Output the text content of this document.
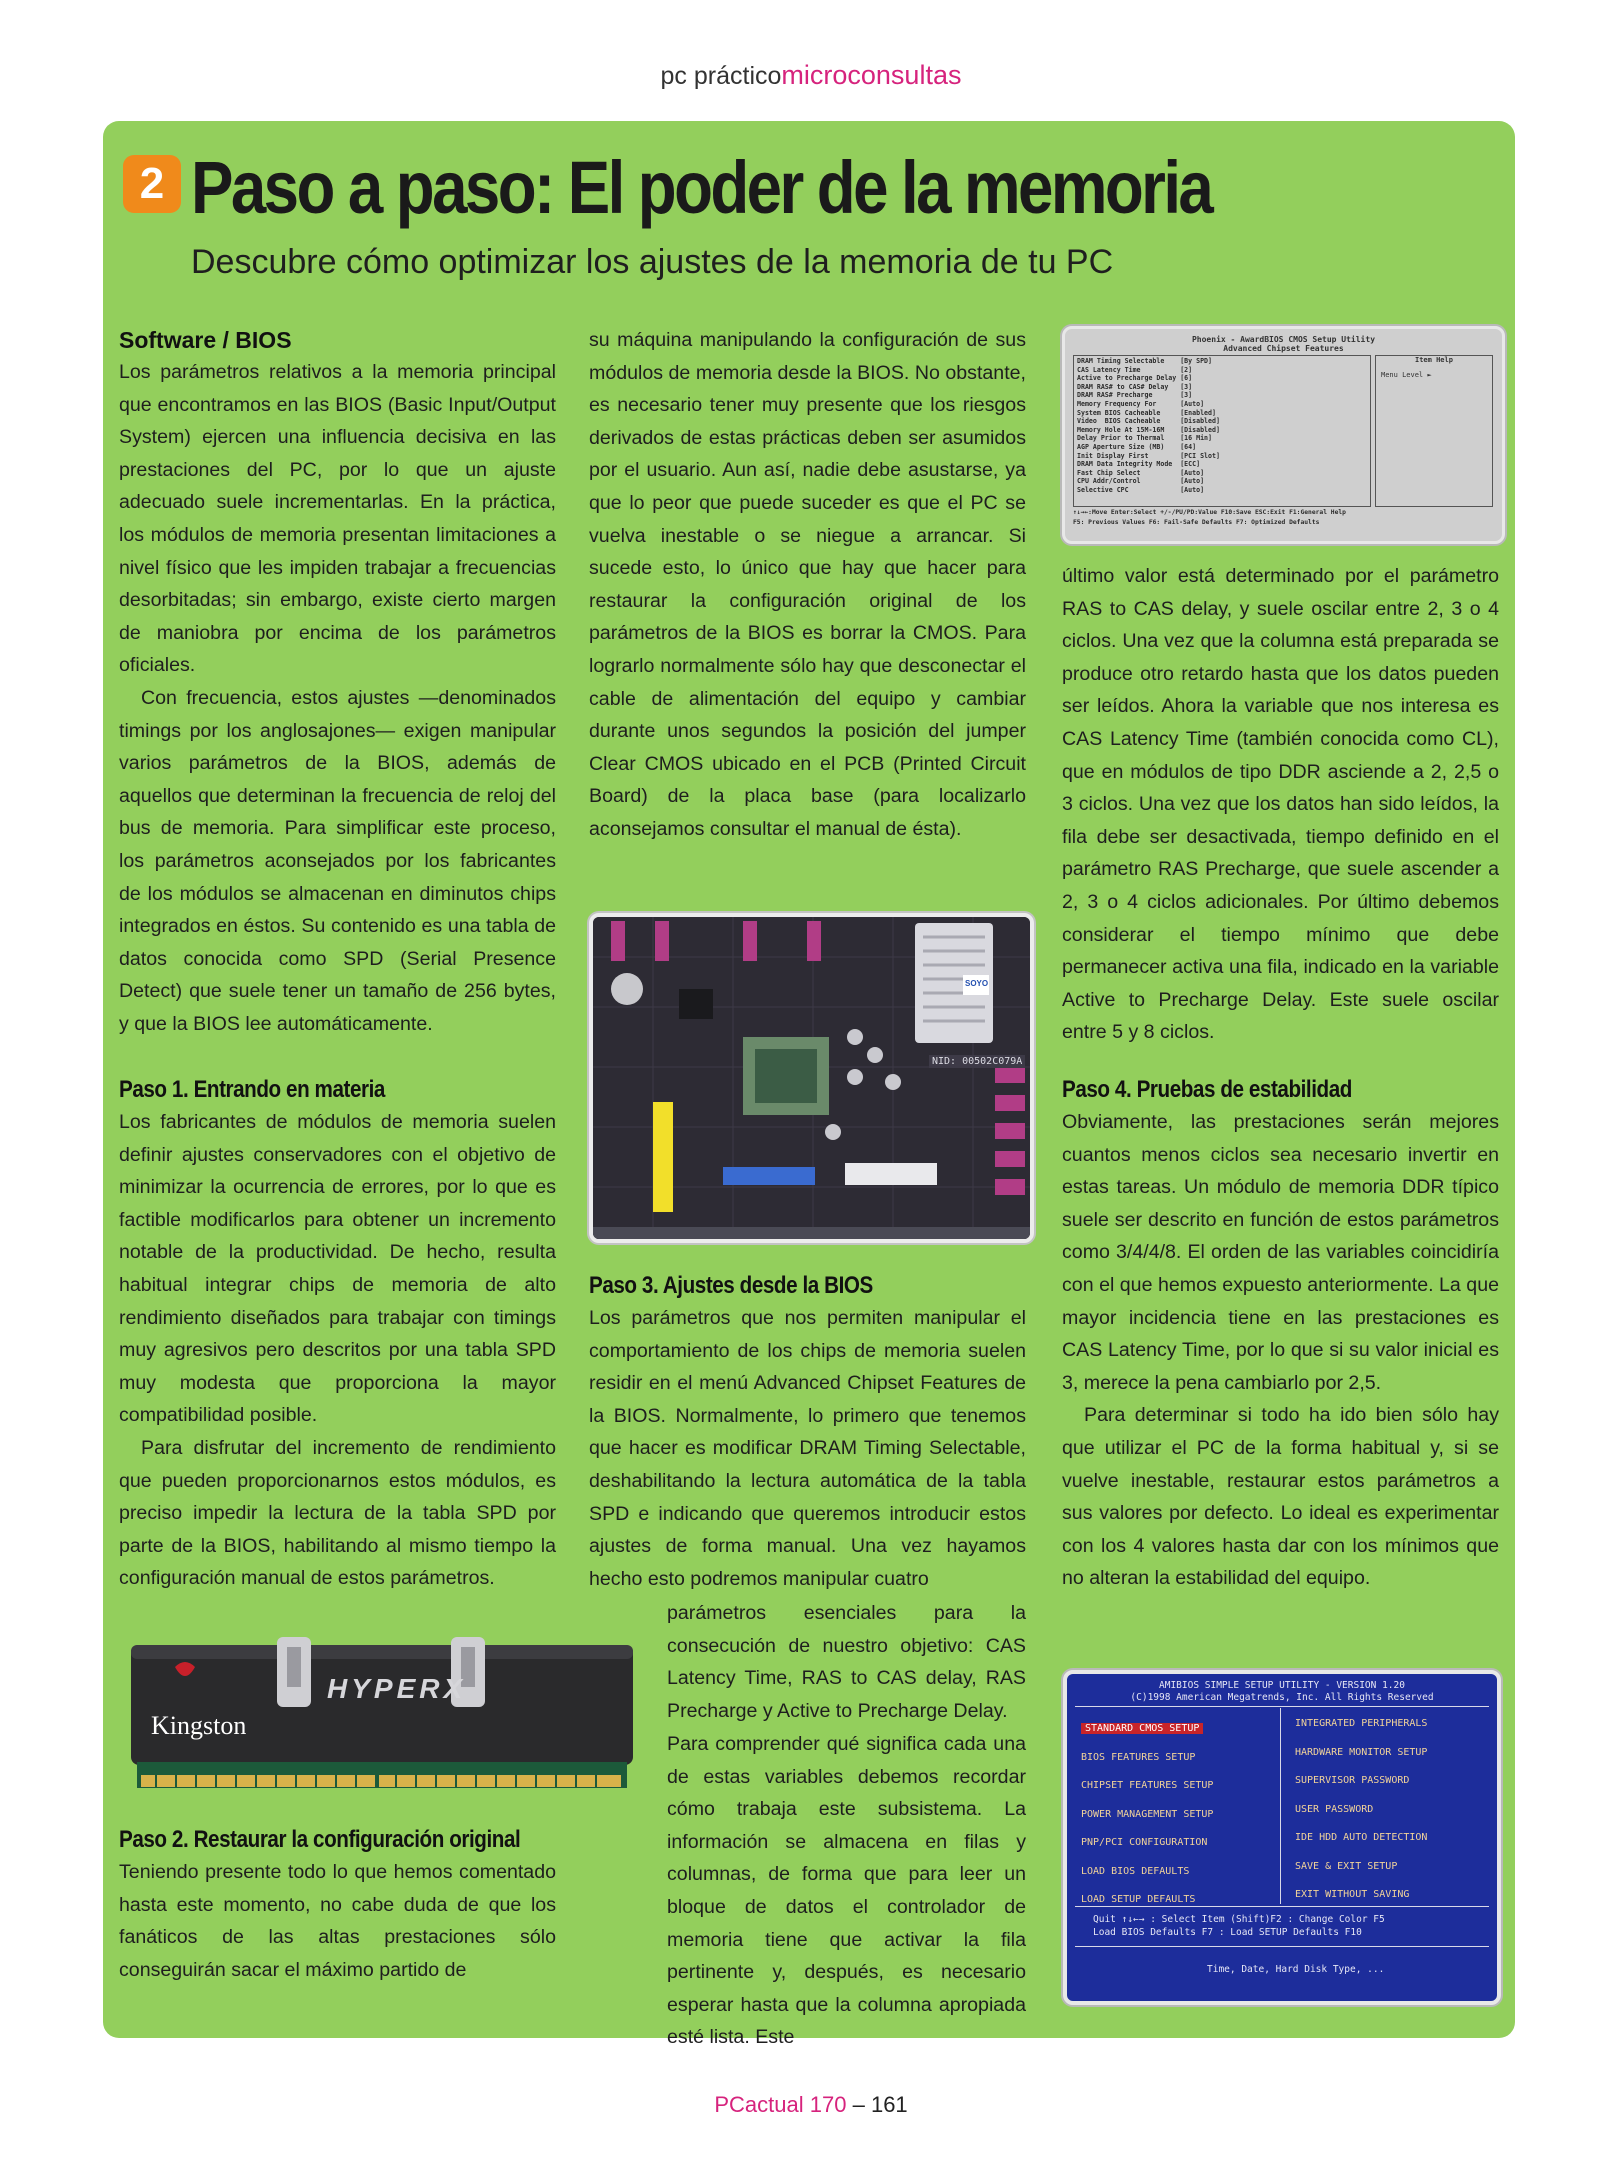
pc prácticomicroconsultas
2 Paso a paso: El poder de la memoria
Descubre cómo optimizar los ajustes de la memoria de tu PC
Software / BIOS

Los parámetros relativos a la memoria principal que encontramos en las BIOS (Basic Input/Output System) ejercen una influencia decisiva en las prestaciones del PC, por lo que un ajuste adecuado suele incrementarlas. En la práctica, los módulos de memoria presentan limitaciones a nivel físico que les impiden trabajar a frecuencias desorbitadas; sin embargo, existe cierto margen de maniobra por encima de los parámetros oficiales.

Con frecuencia, estos ajustes —denominados timings por los anglosajones— exigen manipular varios parámetros de la BIOS, además de aquellos que determinan la frecuencia de reloj del bus de memoria. Para simplificar este proceso, los parámetros aconsejados por los fabricantes de los módulos se almacenan en diminutos chips integrados en éstos. Su contenido es una tabla de datos conocida como SPD (Serial Presence Detect) que suele tener un tamaño de 256 bytes, y que la BIOS lee automáticamente.

Paso 1. Entrando en materia

Los fabricantes de módulos de memoria suelen definir ajustes conservadores con el objetivo de minimizar la ocurrencia de errores, por lo que es factible modificarlos para obtener un incremento notable de la productividad. De hecho, resulta habitual integrar chips de memoria de alto rendimiento diseñados para trabajar con timings muy agresivos pero descritos por una tabla SPD muy modesta que proporciona la mayor compatibilidad posible.

Para disfrutar del incremento de rendimiento que pueden proporcionarnos estos módulos, es preciso impedir la lectura de la tabla SPD por parte de la BIOS, habilitando al mismo tiempo la configuración manual de estos parámetros.

Kingston
HYPERX
Paso 2. Restaurar la configuración original

Teniendo presente todo lo que hemos comentado hasta este momento, no cabe duda de que los fanáticos de las altas prestaciones sólo conseguirán sacar el máximo partido de

su máquina manipulando la configuración de sus módulos de memoria desde la BIOS. No obstante, es necesario tener muy presente que los riesgos derivados de estas prácticas deben ser asumidos por el usuario. Aun así, nadie debe asustarse, ya que lo peor que puede suceder es que el PC se vuelva inestable o se niegue a arrancar. Si sucede esto, lo único que hay que hacer para restaurar la configuración original de los parámetros de la BIOS es borrar la CMOS. Para lograrlo normalmente sólo hay que desconectar el cable de alimentación del equipo y cambiar durante unos segundos la posición del jumper Clear CMOS ubicado en el PCB (Printed Circuit Board) de la placa base (para localizarlo aconsejamos consultar el manual de ésta).

SOYO
NID: 00502C079A
Paso 3. Ajustes desde la BIOS

Los parámetros que nos permiten manipular el comportamiento de los chips de memoria suelen residir en el menú Advanced Chipset Features de la BIOS. Normalmente, lo primero que tenemos que hacer es modificar DRAM Timing Selectable, deshabilitando la lectura automática de la tabla SPD e indicando que queremos introducir estos ajustes de forma manual. Una vez hayamos hecho esto podremos manipular cuatro

parámetros esenciales para la consecución de nuestro objetivo: CAS Latency Time, RAS to CAS delay, RAS Precharge y Active to Precharge Delay.

Para comprender qué significa cada una de estas variables debemos recordar cómo trabaja este subsistema. La información se almacena en filas y columnas, de forma que para leer un bloque de datos el controlador de memoria tiene que activar la fila pertinente y, después, es necesario esperar hasta que la columna apropiada esté lista. Este

Phoenix - AwardBIOS CMOS Setup Utility
Advanced Chipset Features
Item Help
Menu Level ►
DRAM Timing Selectable    [By SPD]
CAS Latency Time          [2]
Active to Precharge Delay [6]
DRAM RAS# to CAS# Delay   [3]
DRAM RAS# Precharge       [3]
Memory Frequency For      [Auto]
System BIOS Cacheable     [Enabled]
Video  BIOS Cacheable     [Disabled]
Memory Hole At 15M-16M    [Disabled]
Delay Prior to Thermal    [16 Min]
AGP Aperture Size (MB)    [64]
Init Display First        [PCI Slot]
DRAM Data Integrity Mode  [ECC]
Fast Chip Select          [Auto]
CPU Addr/Control          [Auto]
Selective CPC             [Auto]
↑↓→←:Move Enter:Select +/-/PU/PD:Value F10:Save ESC:Exit F1:General Help
F5: Previous Values F6: Fail-Safe Defaults F7: Optimized Defaults

último valor está determinado por el parámetro RAS to CAS delay, y suele oscilar entre 2, 3 o 4 ciclos. Una vez que la columna está preparada se produce otro retardo hasta que los datos pueden ser leídos. Ahora la variable que nos interesa es CAS Latency Time (también conocida como CL), que en módulos de tipo DDR asciende a 2, 2,5 o 3 ciclos. Una vez que los datos han sido leídos, la fila debe ser desactivada, tiempo definido en el parámetro RAS Precharge, que suele ascender a 2, 3 o 4 ciclos adicionales. Por último debemos considerar el tiempo mínimo que debe permanecer activa una fila, indicado en la variable Active to Precharge Delay. Este suele oscilar entre 5 y 8 ciclos.

Paso 4. Pruebas de estabilidad

Obviamente, las prestaciones serán mejores cuantos menos ciclos sea necesario invertir en estas tareas. Un módulo de memoria DDR típico suele ser descrito en función de estos parámetros como 3/4/4/8. El orden de las variables coincidiría con el que hemos expuesto anteriormente. La que mayor incidencia tiene en las prestaciones es CAS Latency Time, por lo que si su valor inicial es 3, merece la pena cambiarlo por 2,5.

Para determinar si todo ha ido bien sólo hay que utilizar el PC de la forma habitual y, si se vuelve inestable, restaurar estos parámetros a sus valores por defecto. Lo ideal es experimentar con los 4 valores hasta dar con los mínimos que no alteran la estabilidad del equipo.

AMIBIOS SIMPLE SETUP UTILITY - VERSION 1.20
(C)1998 American Megatrends, Inc. All Rights Reserved
STANDARD CMOS SETUP
BIOS FEATURES SETUP
CHIPSET FEATURES SETUP
POWER MANAGEMENT SETUP
PNP/PCI CONFIGURATION
LOAD BIOS DEFAULTS
LOAD SETUP DEFAULTS
INTEGRATED PERIPHERALS
HARDWARE MONITOR SETUP
SUPERVISOR PASSWORD
USER PASSWORD
IDE HDD AUTO DETECTION
SAVE & EXIT SETUP
EXIT WITHOUT SAVING
Quit ↑↓←→ : Select Item (Shift)F2 : Change Color F5
Load BIOS Defaults F7 : Load SETUP Defaults F10
Time, Date, Hard Disk Type, ...
PCactual 170 – 161
